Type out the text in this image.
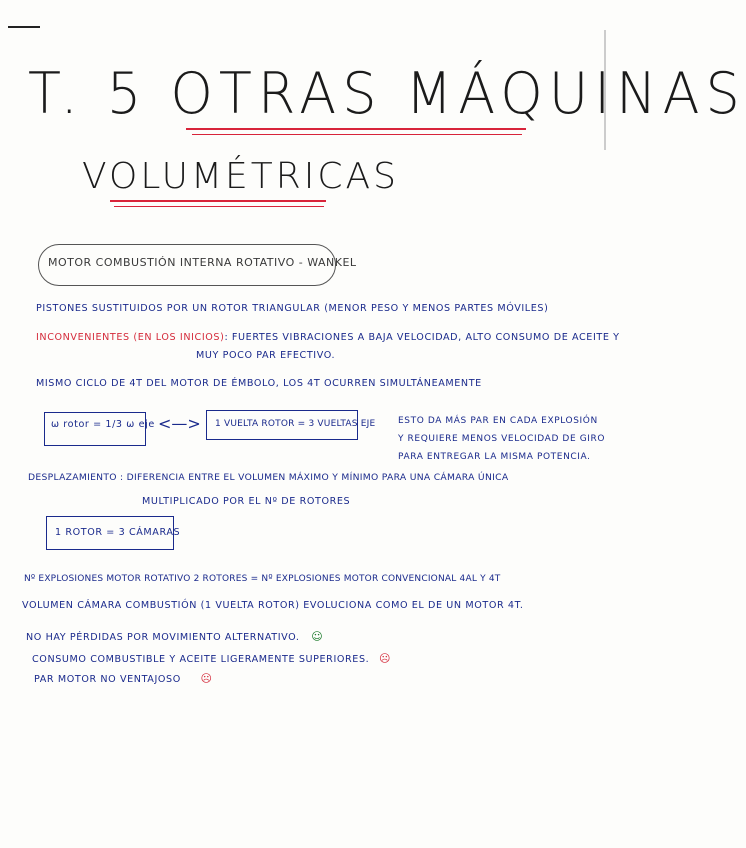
T. 5 OTRAS MÁQUINAS
VOLUMÉTRICAS
MOTOR COMBUSTIÓN INTERNA ROTATIVO - WANKEL
PISTONES SUSTITUIDOS POR UN ROTOR TRIANGULAR (MENOR PESO Y MENOS PARTES MÓVILES)
INCONVENIENTES (EN LOS INICIOS): FUERTES VIBRACIONES A BAJA VELOCIDAD, ALTO CONSUMO DE ACEITE Y
MUY POCO PAR EFECTIVO.
MISMO CICLO DE 4T DEL MOTOR DE ÉMBOLO, LOS 4T OCURREN SIMULTÁNEAMENTE
ω rotor = 1/3 ω eje <—> 1 VUELTA ROTOR = 3 VUELTAS EJE	ESTO DA MÁS PAR EN CADA EXPLOSIÓN
Y REQUIERE MENOS VELOCIDAD DE GIRO
PARA ENTREGAR LA MISMA POTENCIA.
DESPLAZAMIENTO : DIFERENCIA ENTRE EL VOLUMEN MÁXIMO Y MÍNIMO PARA UNA CÁMARA ÚNICA
MULTIPLICADO POR EL Nº DE ROTORES
1 ROTOR = 3 CÁMARAS
Nº EXPLOSIONES MOTOR ROTATIVO 2 ROTORES = Nº EXPLOSIONES MOTOR CONVENCIONAL 4AL Y 4T
VOLUMEN CÁMARA COMBUSTIÓN (1 VUELTA ROTOR) EVOLUCIONA COMO EL DE UN MOTOR 4T.
NO HAY PÉRDIDAS POR MOVIMIENTO ALTERNATIVO. ☺
CONSUMO COMBUSTIBLE Y ACEITE LIGERAMENTE SUPERIORES. ☹
PAR MOTOR NO VENTAJOSO ☹
